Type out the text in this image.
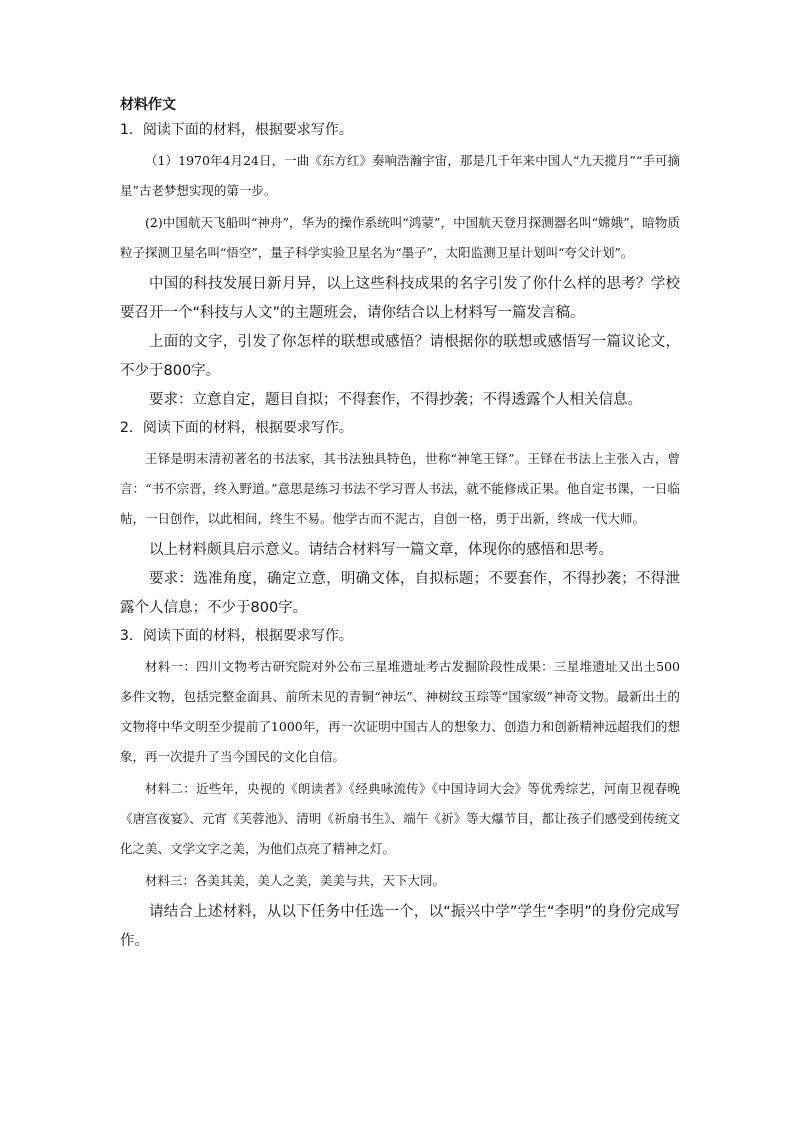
材料作文
1．阅读下面的材料，根据要求写作。

（1）1970年4月24日，一曲《东方红》奏响浩瀚宇宙，那是几千年来中国人“九天揽月”“手可摘星”古老梦想实现的第一步。

(2)中国航天飞船叫“神舟”，华为的操作系统叫“鸿蒙”，中国航天登月探测器名叫“嫦娥”，暗物质粒子探测卫星名叫“悟空”，量子科学实验卫星名为“墨子”，太阳监测卫星计划叫“夸父计划”。

中国的科技发展日新月异，以上这些科技成果的名字引发了你什么样的思考？学校要召开一个“科技与人文”的主题班会，请你结合以上材料写一篇发言稿。

上面的文字，引发了你怎样的联想或感悟？请根据你的联想或感悟写一篇议论文，不少于800字。

要求：立意自定，题目自拟；不得套作，不得抄袭；不得透露个人相关信息。

2．阅读下面的材料，根据要求写作。

王铎是明末清初著名的书法家，其书法独具特色，世称“神笔王铎”。王铎在书法上主张入古，曾言：“书不宗晋，终入野道。”意思是练习书法不学习晋人书法，就不能修成正果。他自定书课，一日临帖，一日创作，以此相间，终生不易。他学古而不泥古，自创一格，勇于出新，终成一代大师。

以上材料颇具启示意义。请结合材料写一篇文章，体现你的感悟和思考。

要求：选准角度，确定立意，明确文体，自拟标题；不要套作，不得抄袭；不得泄露个人信息；不少于800字。

3．阅读下面的材料，根据要求写作。

材料一：四川文物考古研究院对外公布三星堆遗址考古发掘阶段性成果：三星堆遗址又出土500多件文物，包括完整金面具、前所未见的青铜“神坛”、神树纹玉琮等“国家级”神奇文物。最新出土的文物将中华文明至少提前了1000年，再一次证明中国古人的想象力、创造力和创新精神远超我们的想象，再一次提升了当今国民的文化自信。

材料二：近些年，央视的《朗读者》《经典咏流传》《中国诗词大会》等优秀综艺，河南卫视春晚《唐宫夜宴》、元宵《芙蓉池》、清明《祈扇书生》、端午《祈》等大爆节目，都让孩子们感受到传统文化之美、文学文字之美，为他们点亮了精神之灯。

材料三：各美其美，美人之美，美美与共，天下大同。

请结合上述材料，从以下任务中任选一个，以“振兴中学”学生“李明”的身份完成写作。
